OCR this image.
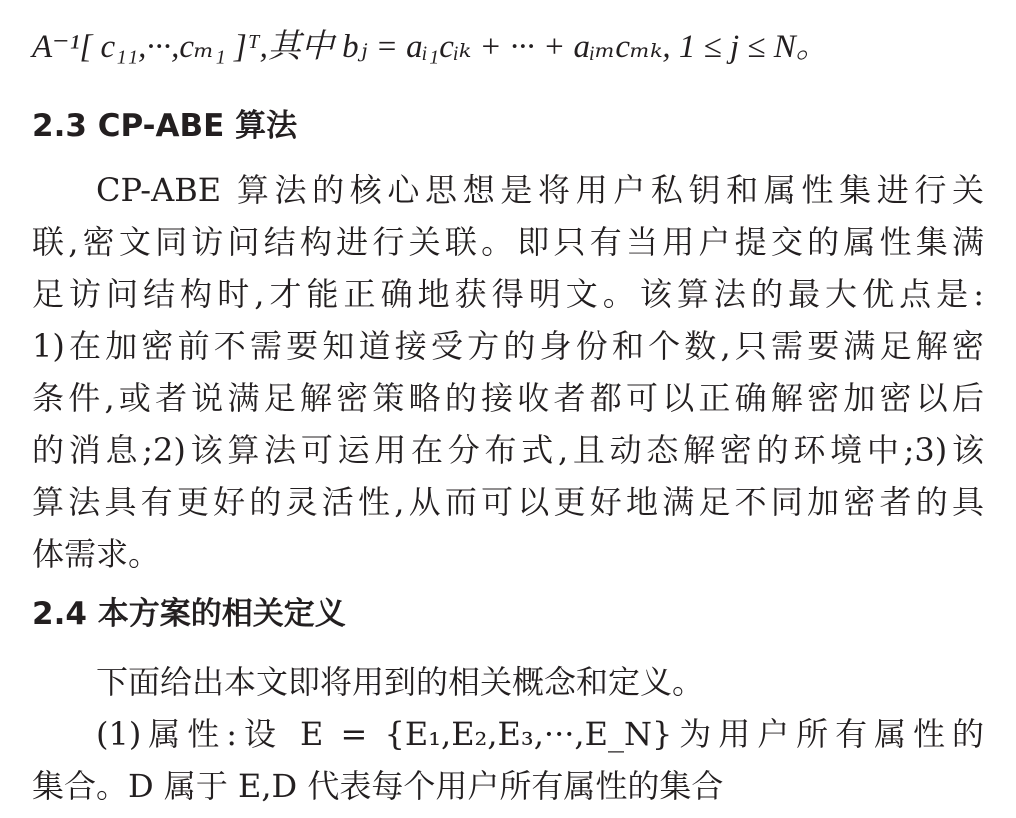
A⁻¹[ c₁₁,···,cₘ₁ ]ᵀ,其中 bⱼ = aᵢ₁cᵢₖ + ··· + aᵢₘcₘₖ, 1 ≤ j ≤ N。
2.3 CP-ABE 算法
CP-ABE 算法的核心思想是将用户私钥和属性集进行关
联,密文同访问结构进行关联。即只有当用户提交的属性集满
足访问结构时,才能正确地获得明文。该算法的最大优点是:
1)在加密前不需要知道接受方的身份和个数,只需要满足解密
条件,或者说满足解密策略的接收者都可以正确解密加密以后
的消息;2)该算法可运用在分布式,且动态解密的环境中;3)该
算法具有更好的灵活性,从而可以更好地满足不同加密者的具
体需求。
2.4 本方案的相关定义
下面给出本文即将用到的相关概念和定义。
(1)属性:设 E = {E₁,E₂,E₃,···,E_N}为用户所有属性的
集合。D 属于 E,D 代表每个用户所有属性的集合
